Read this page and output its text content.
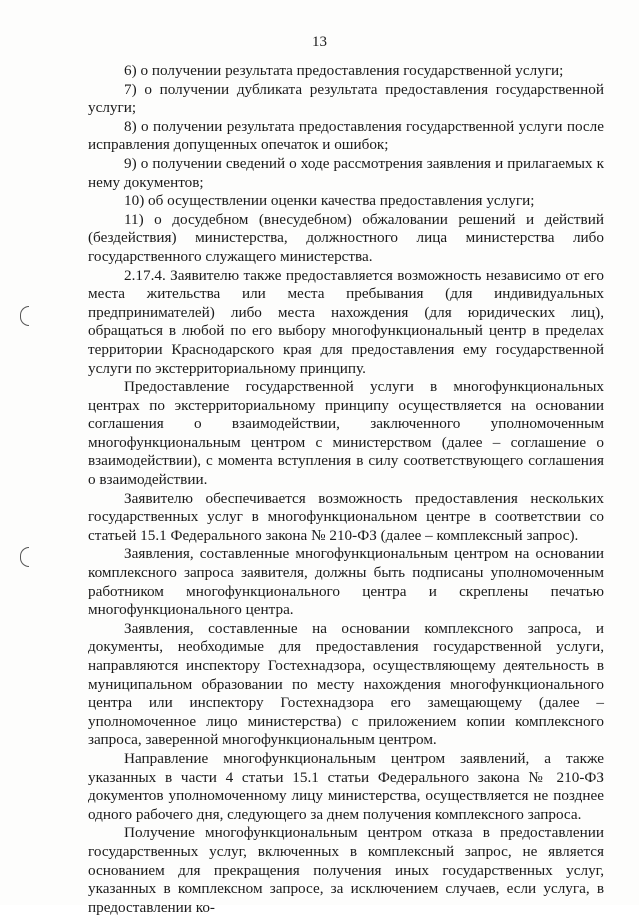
13

6) о получении результата предоставления государственной услуги;

7) о получении дубликата результата предоставления государственной услуги;

8) о получении результата предоставления государственной услуги после исправления допущенных опечаток и ошибок;

9) о получении сведений о ходе рассмотрения заявления и прилагаемых к нему документов;

10) об осуществлении оценки качества предоставления услуги;

11) о досудебном (внесудебном) обжаловании решений и действий (бездействия) министерства, должностного лица министерства либо государственного служащего министерства.

2.17.4. Заявителю также предоставляется возможность независимо от его места жительства или места пребывания (для индивидуальных предпринимателей) либо места нахождения (для юридических лиц), обращаться в любой по его выбору многофункциональный центр в пределах территории Краснодарского края для предоставления ему государственной услуги по экстерриториальному принципу.

Предоставление государственной услуги в многофункциональных центрах по экстерриториальному принципу осуществляется на основании соглашения о взаимодействии, заключенного уполномоченным многофункциональным центром с министерством (далее – соглашение о взаимодействии), с момента вступления в силу соответствующего соглашения о взаимодействии.

Заявителю обеспечивается возможность предоставления нескольких государственных услуг в многофункциональном центре в соответствии со статьей 15.1 Федерального закона № 210-ФЗ (далее – комплексный запрос).

Заявления, составленные многофункциональным центром на основании комплексного запроса заявителя, должны быть подписаны уполномоченным работником многофункционального центра и скреплены печатью многофункционального центра.

Заявления, составленные на основании комплексного запроса, и документы, необходимые для предоставления государственной услуги, направляются инспектору Гостехнадзора, осуществляющему деятельность в муниципальном образовании по месту нахождения многофункционального центра или инспектору Гостехнадзора его замещающему (далее – уполномоченное лицо министерства) с приложением копии комплексного запроса, заверенной многофункциональным центром.

Направление многофункциональным центром заявлений, а также указанных в части 4 статьи 15.1 статьи Федерального закона № 210-ФЗ документов уполномоченному лицу министерства, осуществляется не позднее одного рабочего дня, следующего за днем получения комплексного запроса.

Получение многофункциональным центром отказа в предоставлении государственных услуг, включенных в комплексный запрос, не является основанием для прекращения получения иных государственных услуг, указанных в комплексном запросе, за исключением случаев, если услуга, в предоставлении ко-
